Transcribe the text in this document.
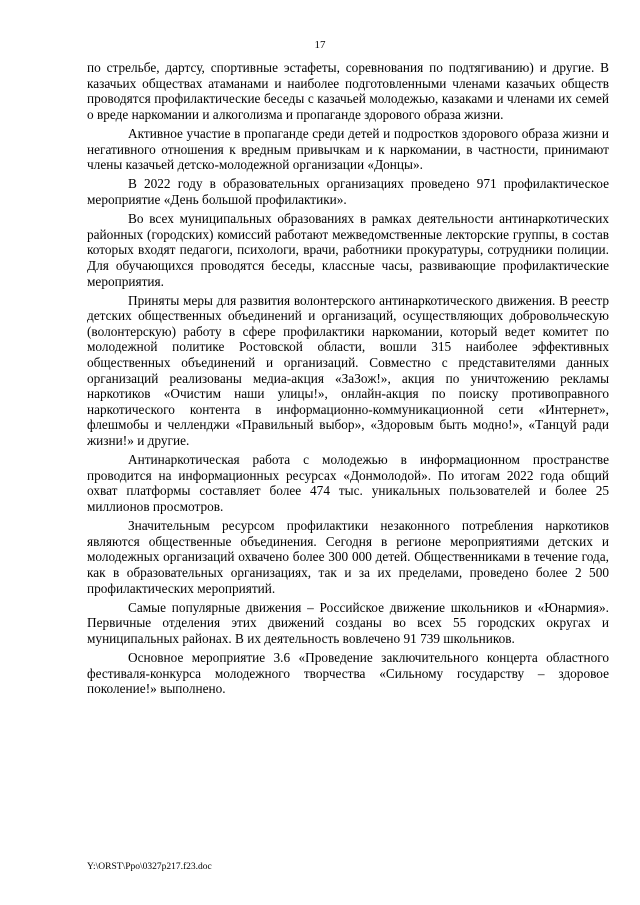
17

по стрельбе, дартсу, спортивные эстафеты, соревнования по подтягиванию) и другие. В казачьих обществах атаманами и наиболее подготовленными членами казачьих обществ проводятся профилактические беседы с казачьей молодежью, казаками и членами их семей о вреде наркомании и алкоголизма и пропаганде здорового образа жизни.

Активное участие в пропаганде среди детей и подростков здорового образа жизни и негативного отношения к вредным привычкам и к наркомании, в частности, принимают члены казачьей детско-молодежной организации «Донцы».

В 2022 году в образовательных организациях проведено 971 профилактическое мероприятие «День большой профилактики».

Во всех муниципальных образованиях в рамках деятельности антинаркотических районных (городских) комиссий работают межведомственные лекторские группы, в состав которых входят педагоги, психологи, врачи, работники прокуратуры, сотрудники полиции. Для обучающихся проводятся беседы, классные часы, развивающие профилактические мероприятия.

Приняты меры для развития волонтерского антинаркотического движения. В реестр детских общественных объединений и организаций, осуществляющих добровольческую (волонтерскую) работу в сфере профилактики наркомании, который ведет комитет по молодежной политике Ростовской области, вошли 315 наиболее эффективных общественных объединений и организаций. Совместно с представителями данных организаций реализованы медиа-акция «ЗаЗож!», акция по уничтожению рекламы наркотиков «Очистим наши улицы!», онлайн-акция по поиску противоправного наркотического контента в информационно-коммуникационной сети «Интернет», флешмобы и челленджи «Правильный выбор», «Здоровым быть модно!», «Танцуй ради жизни!» и другие.

Антинаркотическая работа с молодежью в информационном пространстве проводится на информационных ресурсах «Донмолодой». По итогам 2022 года общий охват платформы составляет более 474 тыс. уникальных пользователей и более 25 миллионов просмотров.

Значительным ресурсом профилактики незаконного потребления наркотиков являются общественные объединения. Сегодня в регионе мероприятиями детских и молодежных организаций охвачено более 300 000 детей. Общественниками в течение года, как в образовательных организациях, так и за их пределами, проведено более 2 500 профилактических мероприятий.

Самые популярные движения – Российское движение школьников и «Юнармия». Первичные отделения этих движений созданы во всех 55 городских округах и муниципальных районах. В их деятельность вовлечено 91 739 школьников.

Основное мероприятие 3.6 «Проведение заключительного концерта областного фестиваля-конкурса молодежного творчества «Сильному государству – здоровое поколение!» выполнено.

Y:\ORST\Ppo\0327p217.f23.doc
